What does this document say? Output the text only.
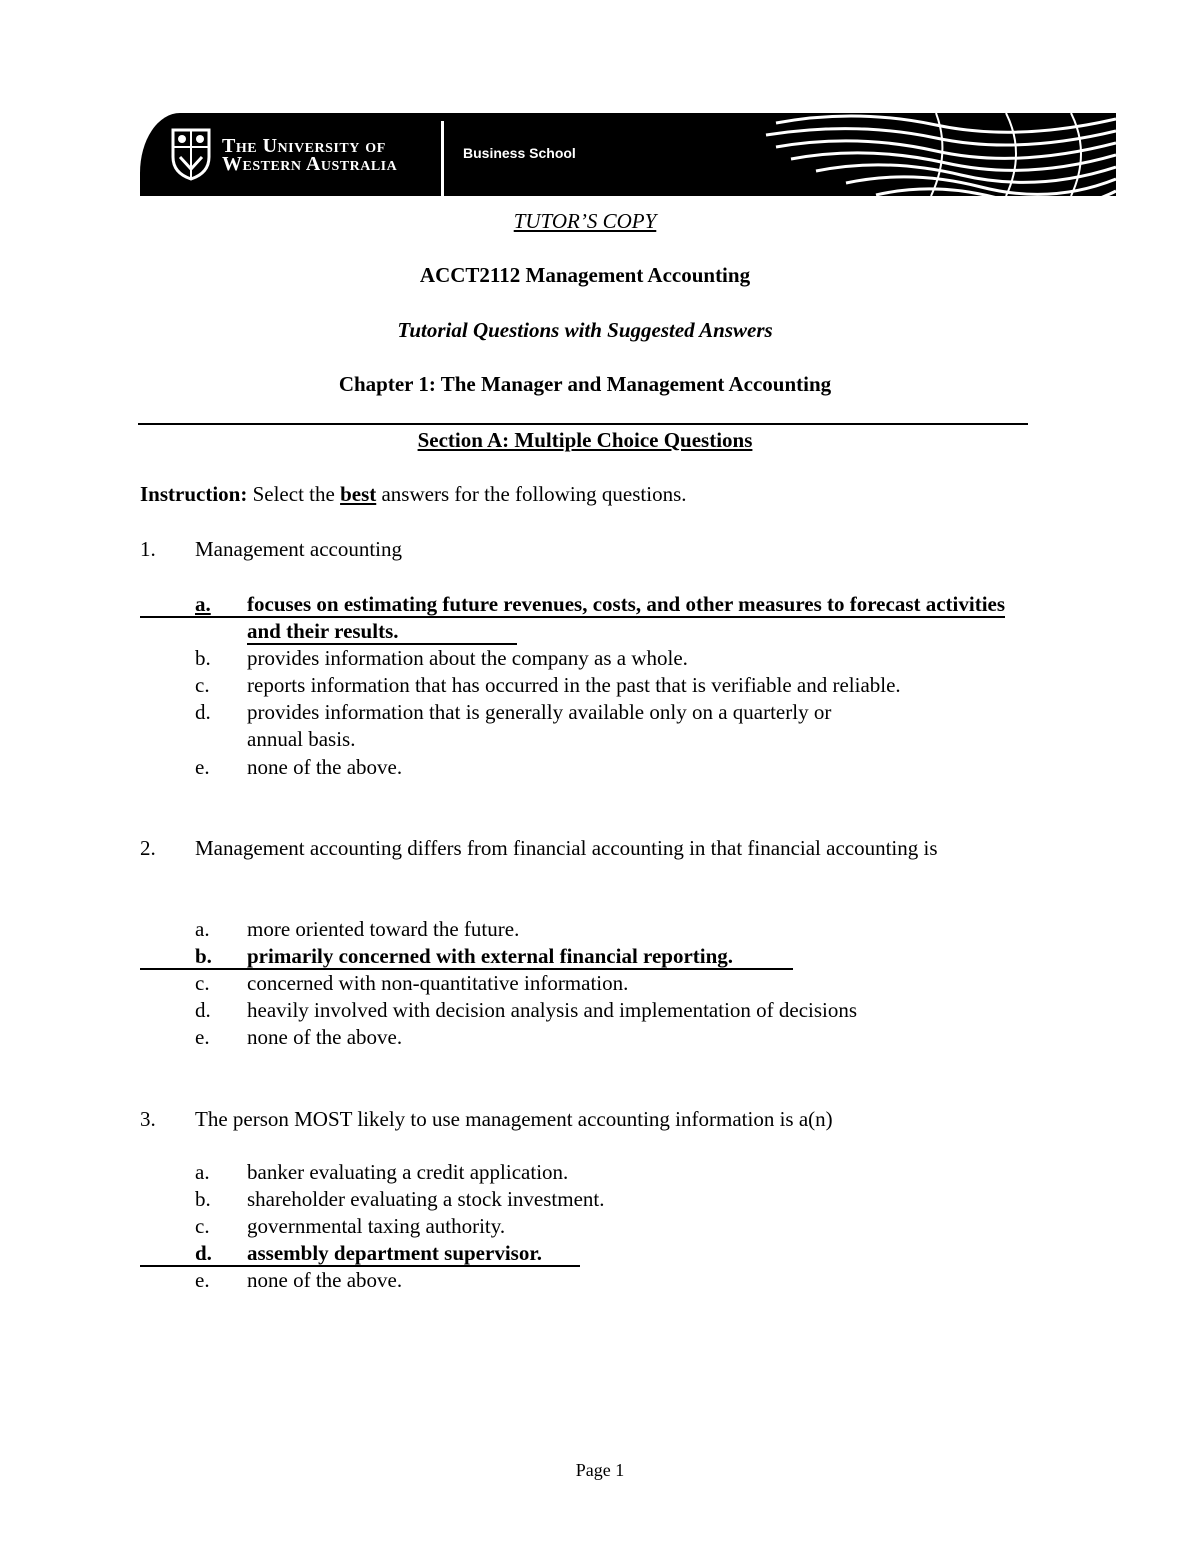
The University of
Western Australia	Business School
TUTOR’S COPY
ACCT2112 Management Accounting
Tutorial Questions with Suggested Answers
Chapter 1: The Manager and Management Accounting
Section A: Multiple Choice Questions
Instruction: Select the best answers for the following questions.
1. Management accounting
a. focuses on estimating future revenues, costs, and other measures to forecast activities and their results.
b. provides information about the company as a whole.
c. reports information that has occurred in the past that is verifiable and reliable.
d. provides information that is generally available only on a quarterly or annual basis.
e. none of the above.
2. Management accounting differs from financial accounting in that financial accounting is
a. more oriented toward the future.
b. primarily concerned with external financial reporting.
c. concerned with non-quantitative information.
d. heavily involved with decision analysis and implementation of decisions
e. none of the above.
3. The person MOST likely to use management accounting information is a(n)
a. banker evaluating a credit application.
b. shareholder evaluating a stock investment.
c. governmental taxing authority.
d. assembly department supervisor.
e. none of the above.
Page 1
